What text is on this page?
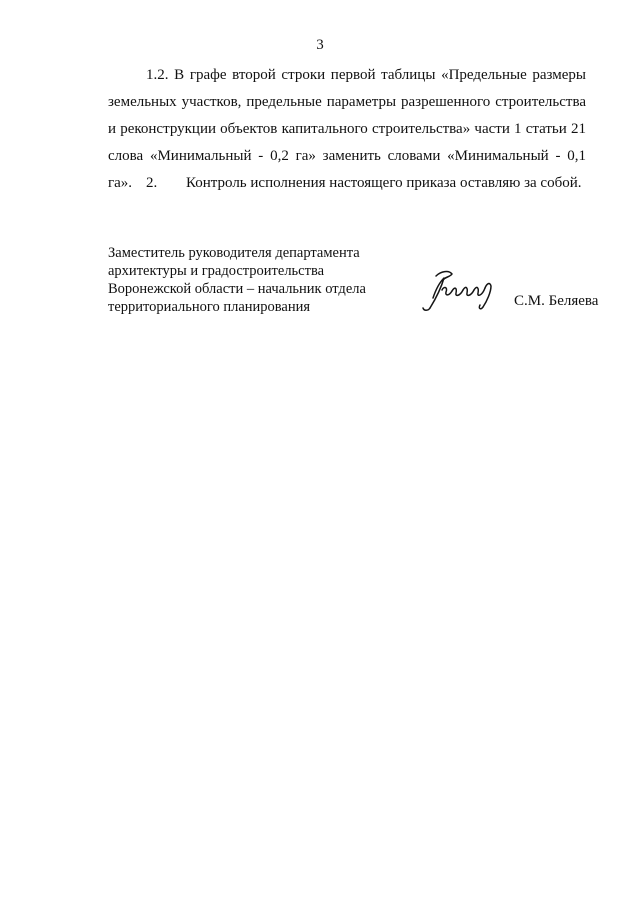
3

1.2. В графе второй строки первой таблицы «Предельные размеры земельных участков, предельные параметры разрешенного строительства и реконструкции объектов капитального строительства» части 1 статьи 21 слова «Минимальный - 0,2 га» заменить словами «Минимальный - 0,1 га». 2. Контроль исполнения настоящего приказа оставляю за собой.

Заместитель руководителя департамента
архитектуры и градостроительства
Воронежской области – начальник отдела
территориального планирования	С.М. Беляева
